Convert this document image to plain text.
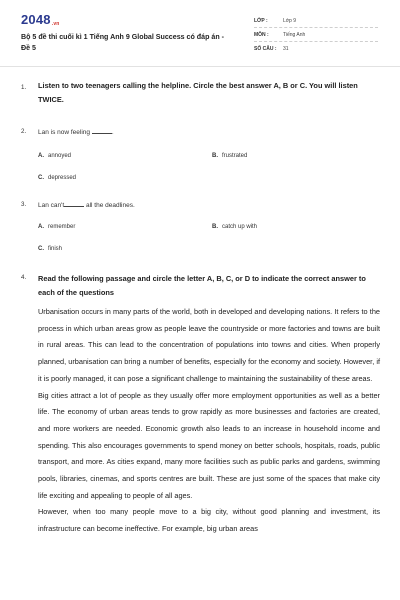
2048.vn
Bộ 5 đề thi cuối kì 1 Tiếng Anh 9 Global Success có đáp án - Đề 5
LỚP :	Lớp 9
MÔN :	Tiếng Anh
SỐ CÂU : 31
1. Listen to two teenagers calling the helpline. Circle the best answer A, B or C. You will listen TWICE.
2. Lan is now feeling	.
A. annoyed	B. frustrated
C. depressed
3. Lan can't	all the deadlines.
A. remember	B. catch up with
C. finish
4. Read the following passage and circle the letter A, B, C, or D to indicate the correct answer to each of the questions

Urbanisation occurs in many parts of the world, both in developed and developing nations. It refers to the process in which urban areas grow as people leave the countryside or more factories and towns are built in rural areas. This can lead to the concentration of populations into towns and cities. When properly planned, urbanisation can bring a number of benefits, especially for the economy and society. However, if it is poorly managed, it can pose a significant challenge to maintaining the sustainability of these areas.

Big cities attract a lot of people as they usually offer more employment opportunities as well as a better life. The economy of urban areas tends to grow rapidly as more businesses and factories are created, and more workers are needed. Economic growth also leads to an increase in household income and spending. This also encourages governments to spend money on better schools, hospitals, roads, public transport, and more. As cities expand, many more facilities such as public parks and gardens, swimming pools, libraries, cinemas, and sports centres are built. These are just some of the spaces that make city life exciting and appealing to people of all ages.

However, when too many people move to a big city, without good planning and investment, its infrastructure can become ineffective. For example, big urban areas
